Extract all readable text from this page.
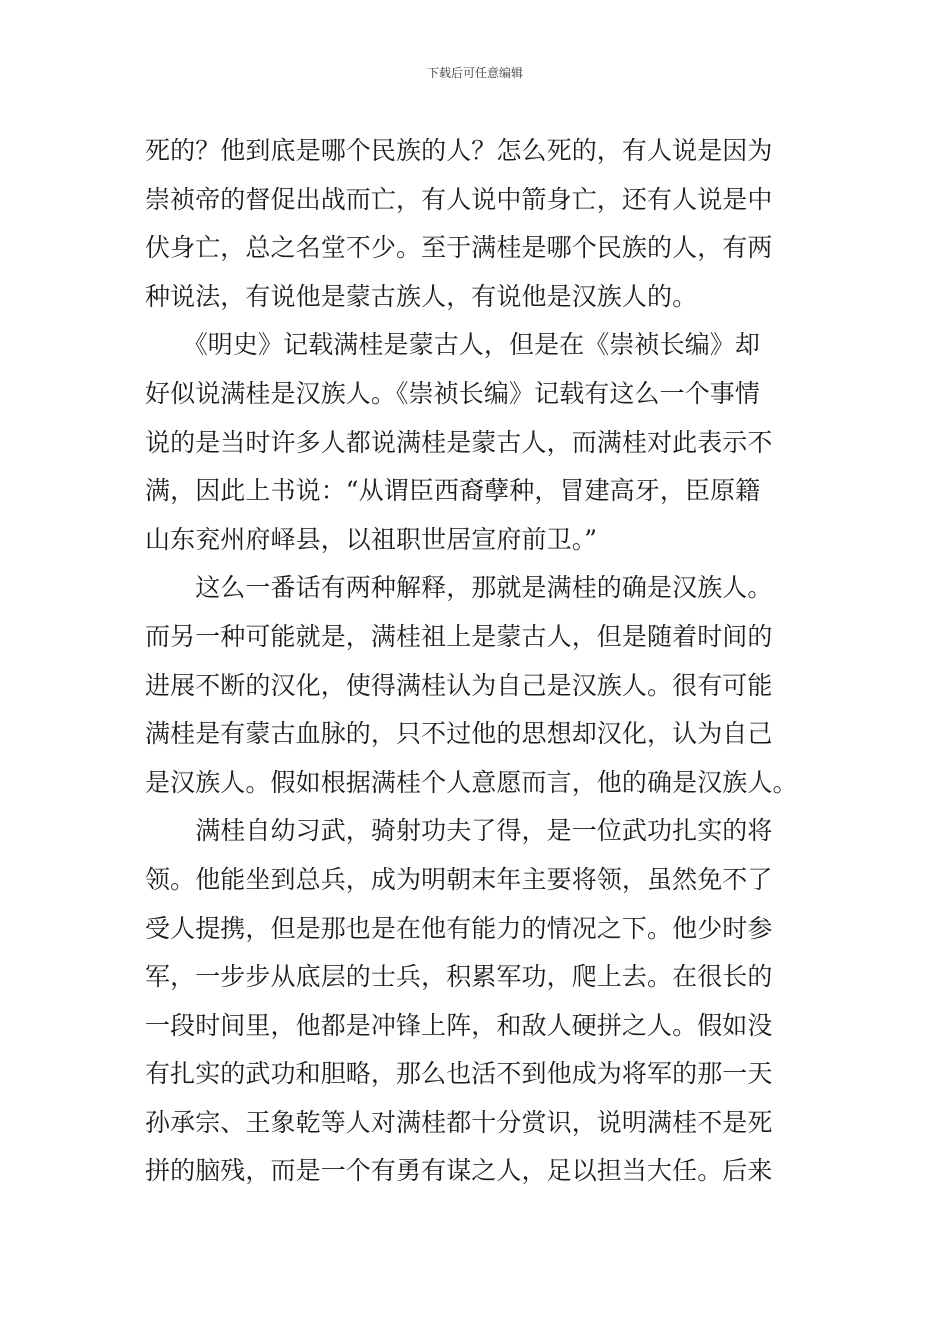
下载后可任意编辑
死的？他到底是哪个民族的人？怎么死的，有人说是因为
崇祯帝的督促出战而亡，有人说中箭身亡，还有人说是中
伏身亡，总之名堂不少。至于满桂是哪个民族的人，有两
种说法，有说他是蒙古族人，有说他是汉族人的。
　　《明史》记载满桂是蒙古人，但是在《崇祯长编》却
好似说满桂是汉族人。《崇祯长编》记载有这么一个事情
说的是当时许多人都说满桂是蒙古人，而满桂对此表示不
满，因此上书说：“从谓臣西裔孽种，冒建高牙，臣原籍
山东兖州府峄县，以祖职世居宣府前卫。”
　　这么一番话有两种解释，那就是满桂的确是汉族人。
而另一种可能就是，满桂祖上是蒙古人，但是随着时间的
进展不断的汉化，使得满桂认为自己是汉族人。很有可能
满桂是有蒙古血脉的，只不过他的思想却汉化，认为自己
是汉族人。假如根据满桂个人意愿而言，他的确是汉族人。
　　满桂自幼习武，骑射功夫了得，是一位武功扎实的将
领。他能坐到总兵，成为明朝末年主要将领，虽然免不了
受人提携，但是那也是在他有能力的情况之下。他少时参
军，一步步从底层的士兵，积累军功，爬上去。在很长的
一段时间里，他都是冲锋上阵，和敌人硬拼之人。假如没
有扎实的武功和胆略，那么也活不到他成为将军的那一天
孙承宗、王象乾等人对满桂都十分赏识，说明满桂不是死
拼的脑残，而是一个有勇有谋之人，足以担当大任。后来
